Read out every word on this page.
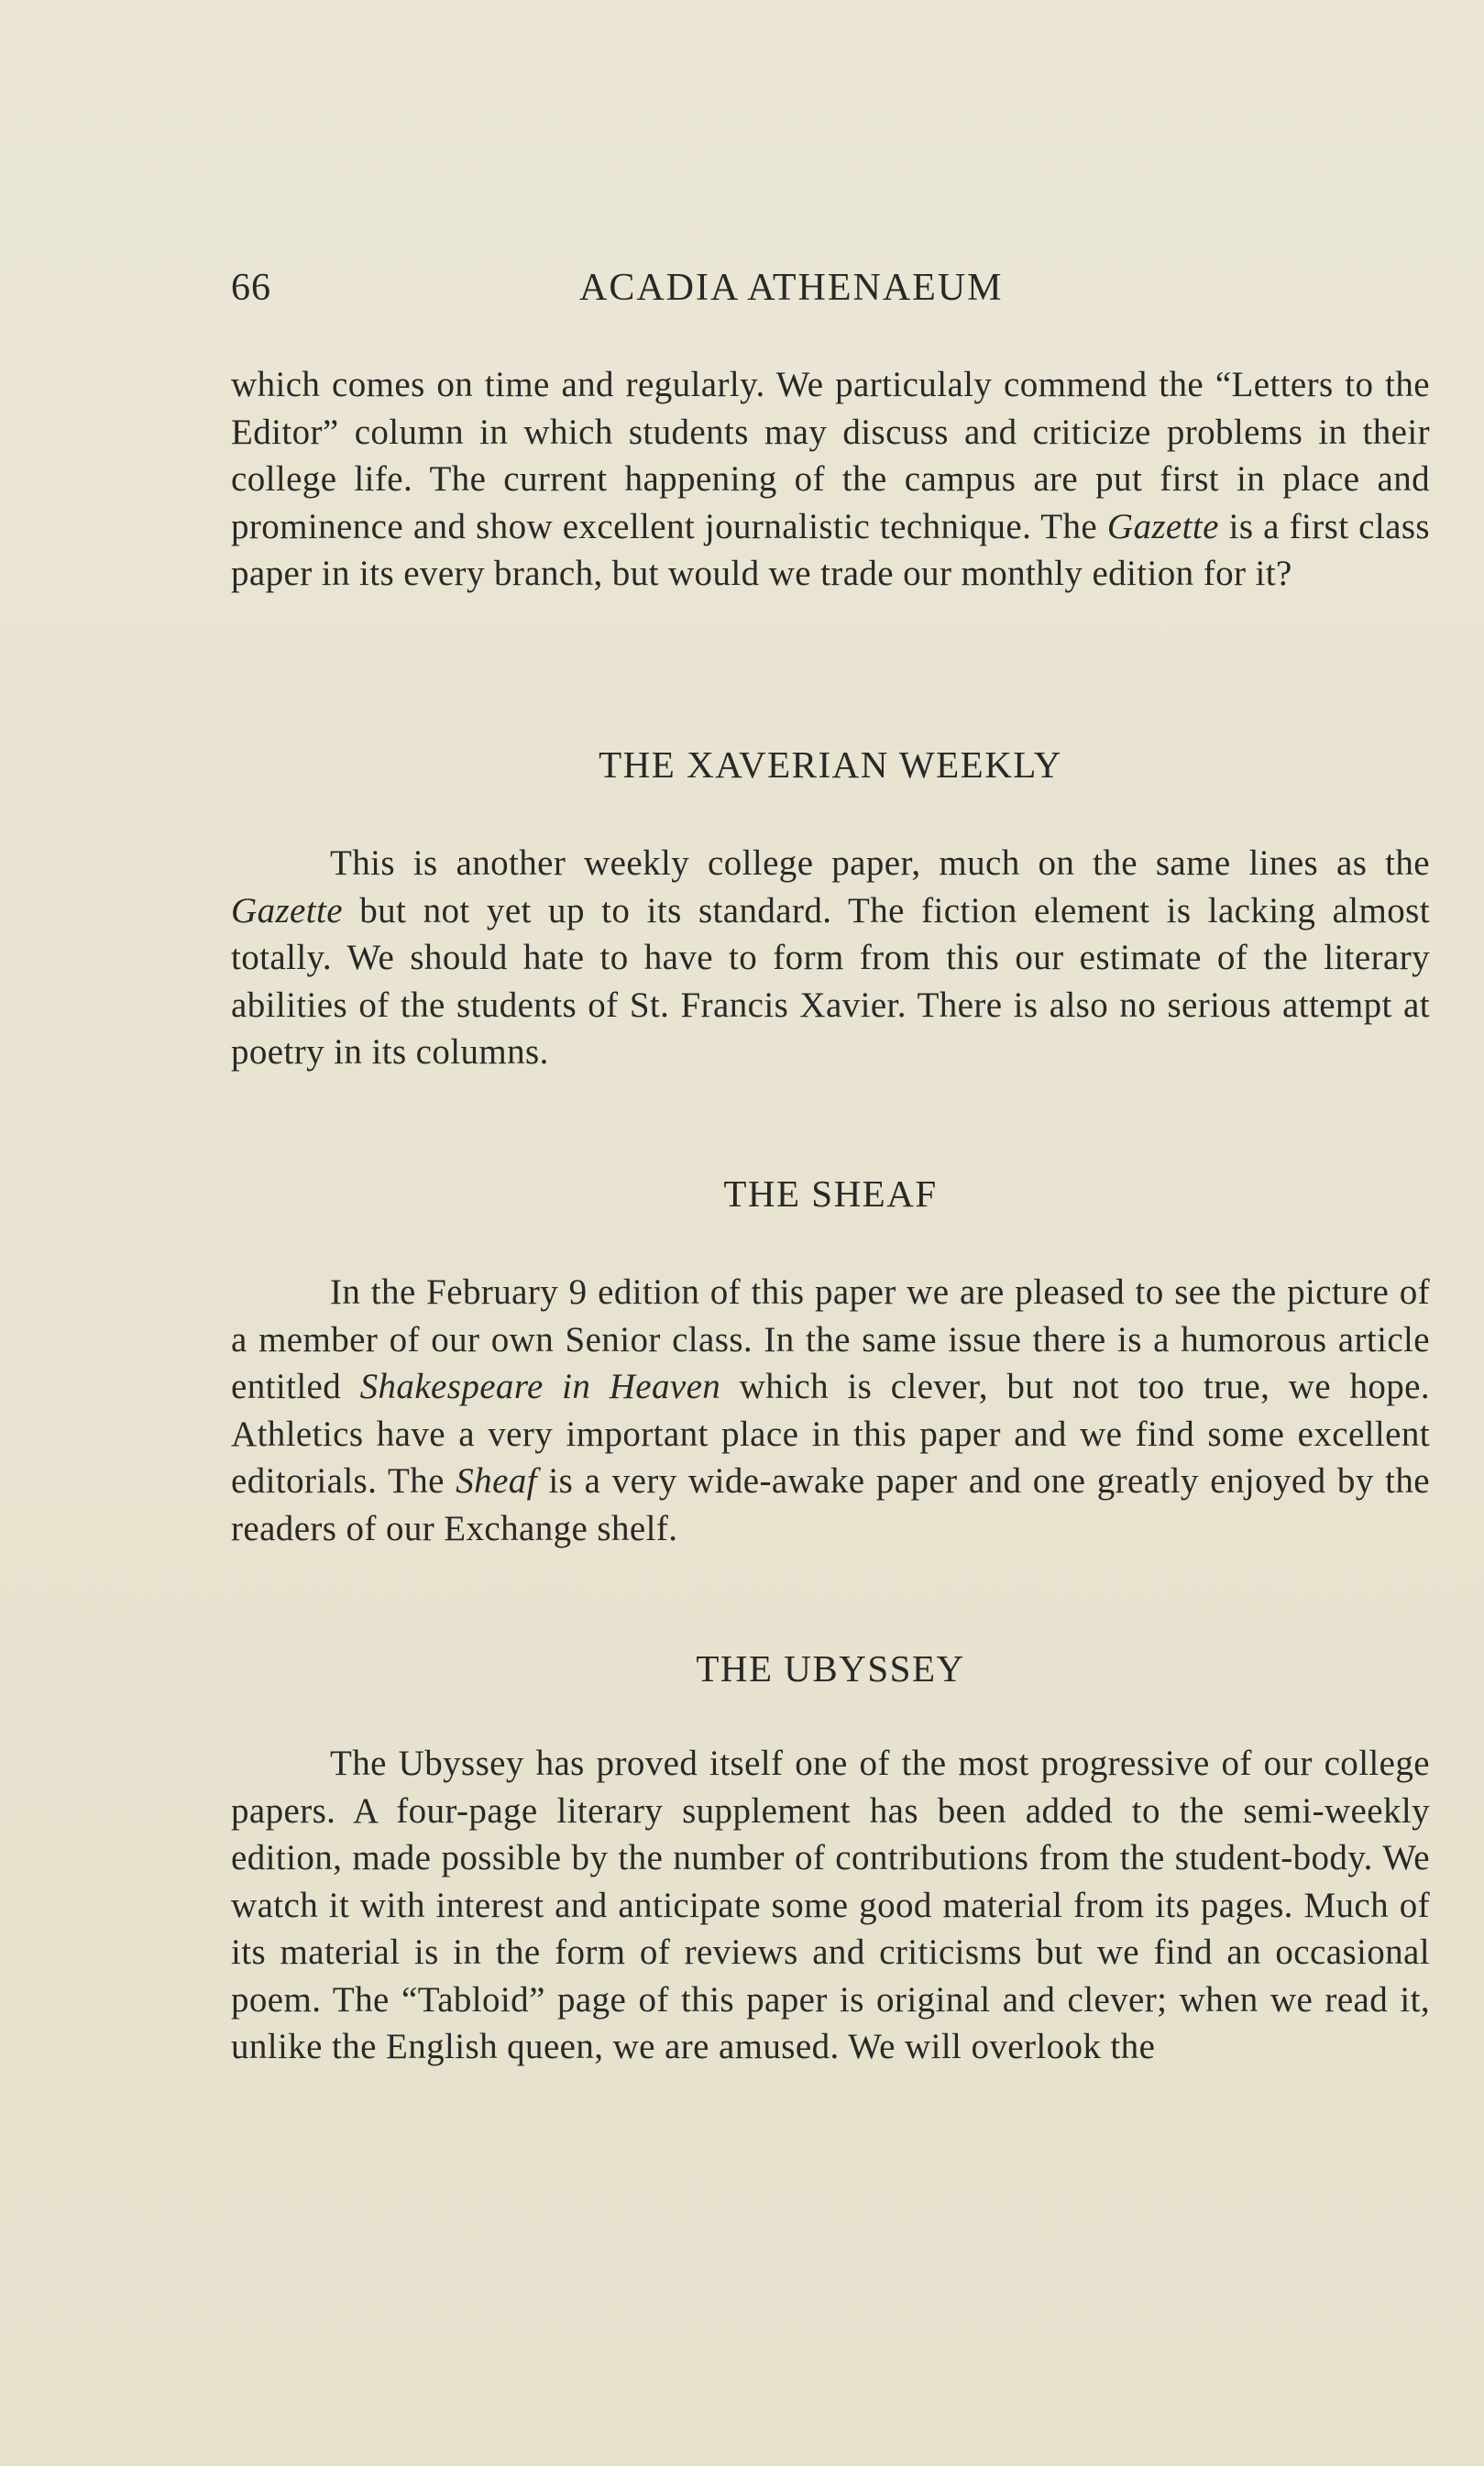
66	ACADIA ATHENAEUM

which comes on time and regularly. We particulaly commend the “Letters to the Editor” column in which students may discuss and criticize problems in their college life. The current happening of the campus are put first in place and prominence and show excellent journalistic technique. The Gazette is a first class paper in its every branch, but would we trade our monthly edition for it?

THE XAVERIAN WEEKLY

This is another weekly college paper, much on the same lines as the Gazette but not yet up to its standard. The fiction element is lacking almost totally. We should hate to have to form from this our estimate of the literary abilities of the students of St. Francis Xavier. There is also no serious attempt at poetry in its columns.

THE SHEAF

In the February 9 edition of this paper we are pleased to see the picture of a member of our own Senior class. In the same issue there is a humorous article entitled Shakespeare in Heaven which is clever, but not too true, we hope. Athletics have a very important place in this paper and we find some excellent editorials. The Sheaf is a very wide-awake paper and one greatly enjoyed by the readers of our Exchange shelf.

THE UBYSSEY

The Ubyssey has proved itself one of the most progressive of our college papers. A four-page literary supplement has been added to the semi-weekly edition, made possible by the number of contributions from the student-body. We watch it with interest and anticipate some good material from its pages. Much of its material is in the form of reviews and criticisms but we find an occasional poem. The “Tabloid” page of this paper is original and clever; when we read it, unlike the English queen, we are amused. We will overlook the
